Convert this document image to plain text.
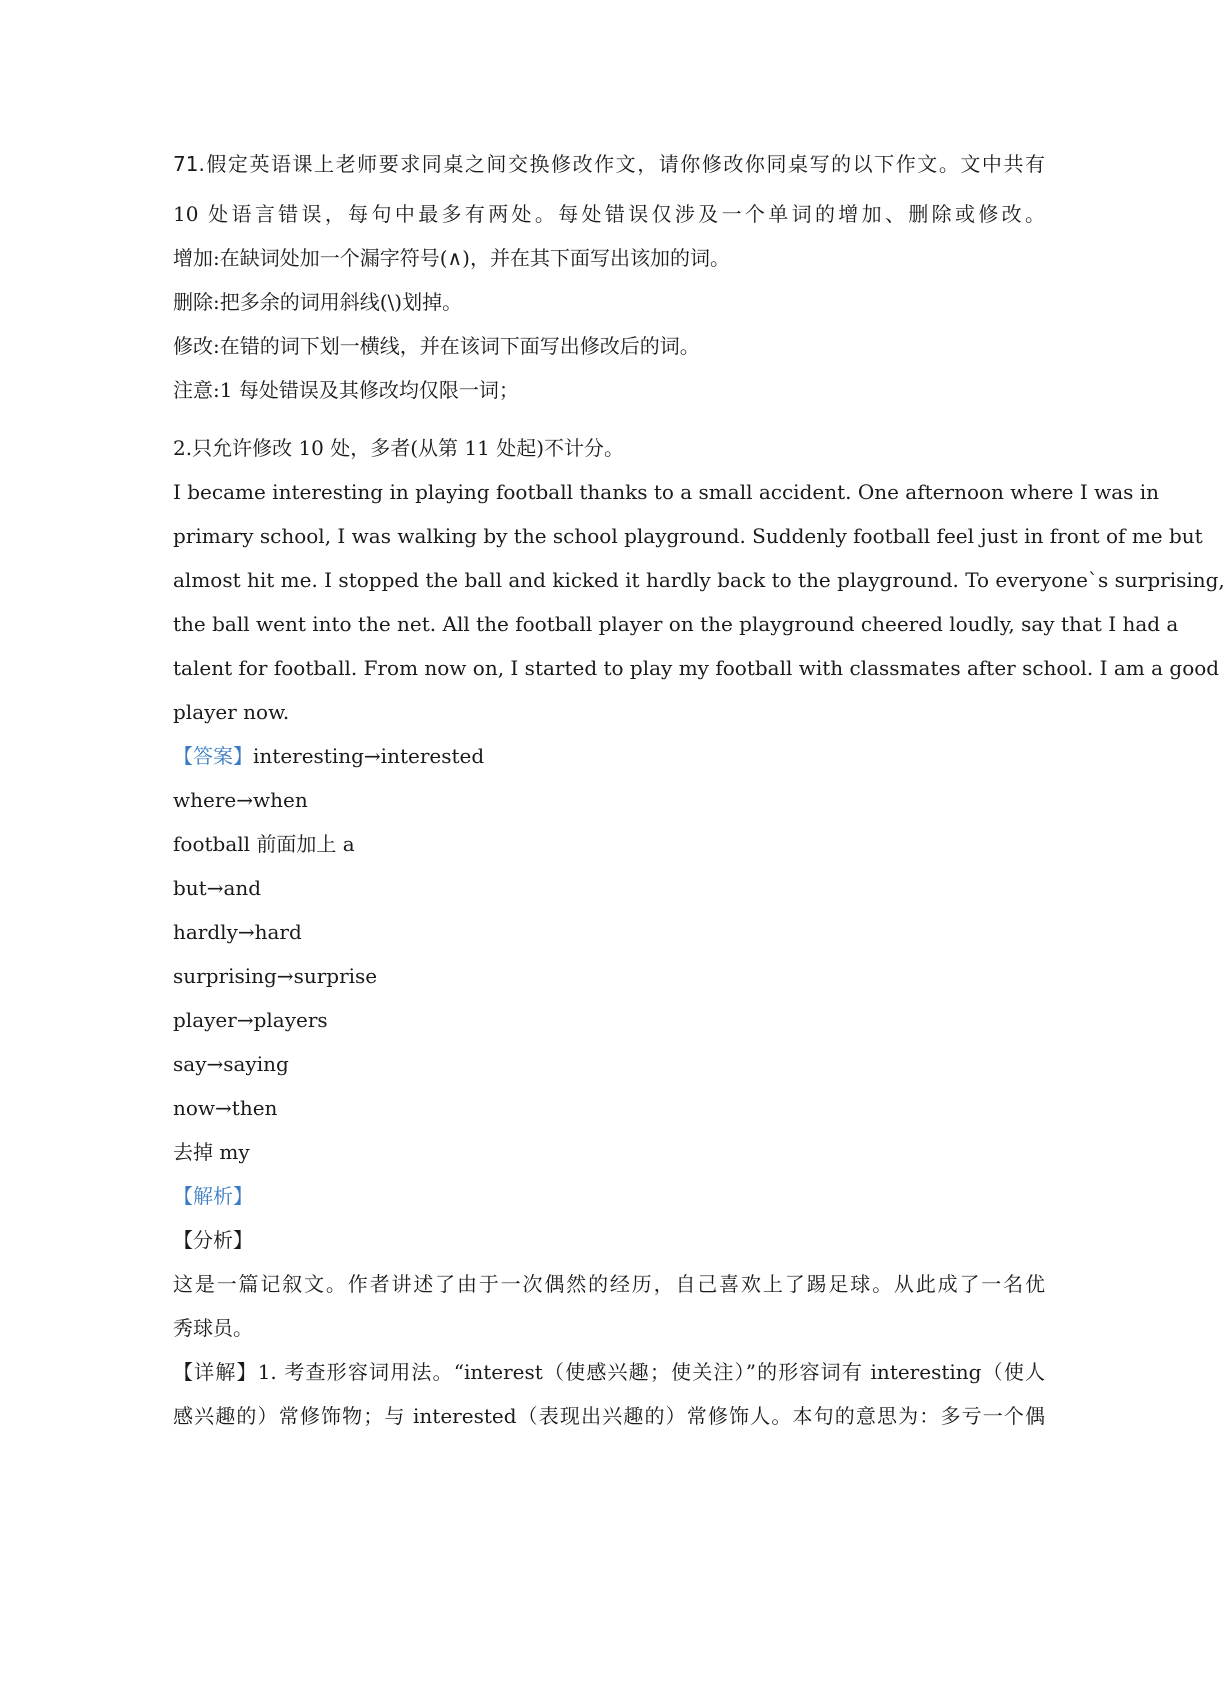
71.假定英语课上老师要求同桌之间交换修改作文，请你修改你同桌写的以下作文。文中共有
10 处语言错误，每句中最多有两处。每处错误仅涉及一个单词的增加、删除或修改。
增加:在缺词处加一个漏字符号(∧)，并在其下面写出该加的词。
删除:把多余的词用斜线(\)划掉。
修改:在错的词下划一横线，并在该词下面写出修改后的词。
注意:1 每处错误及其修改均仅限一词；
2.只允许修改 10 处，多者(从第 11 处起)不计分。
I became interesting in playing football thanks to a small accident. One afternoon where I was in
primary school, I was walking by the school playground. Suddenly football feel just in front of me but
almost hit me. I stopped the ball and kicked it hardly back to the playground. To everyone`s surprising,
the ball went into the net. All the football player on the playground cheered loudly, say that I had a
talent for football. From now on, I started to play my football with classmates after school. I am a good
player now.
【答案】interesting→interested
where→when
football 前面加上 a
but→and
hardly→hard
surprising→surprise
player→players
say→saying
now→then
去掉 my
【解析】
【分析】
这是一篇记叙文。作者讲述了由于一次偶然的经历，自己喜欢上了踢足球。从此成了一名优
秀球员。
【详解】1. 考查形容词用法。“interest（使感兴趣；使关注）”的形容词有 interesting（使人
感兴趣的）常修饰物；与 interested（表现出兴趣的）常修饰人。本句的意思为：多亏一个偶
